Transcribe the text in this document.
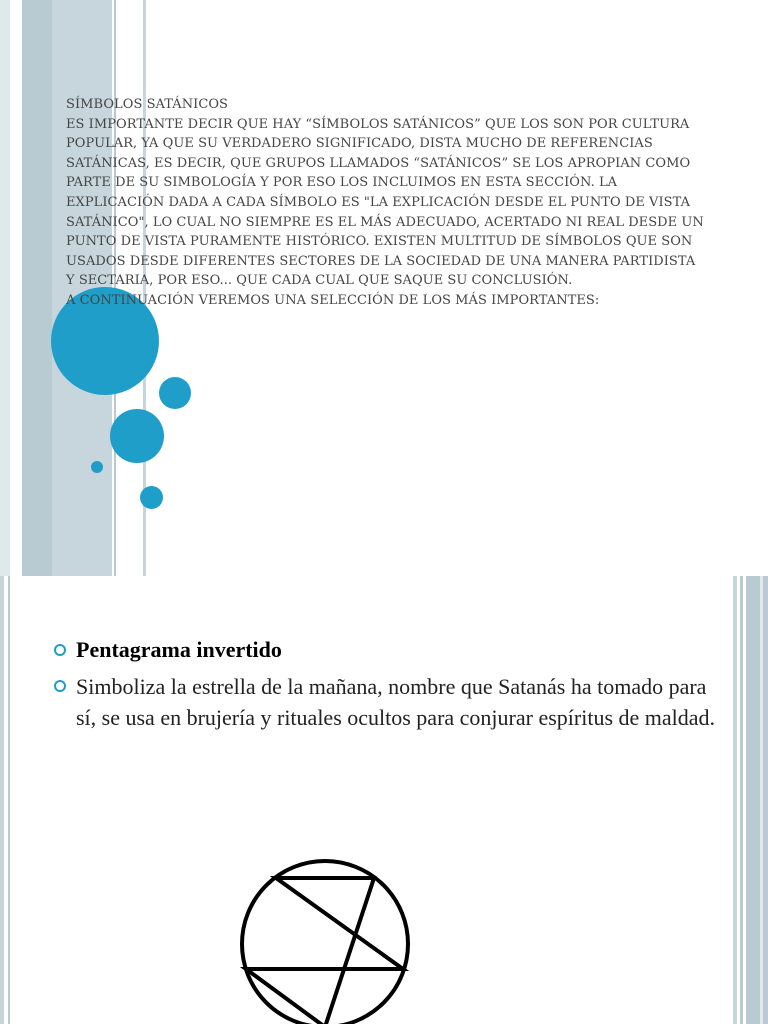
SÍMBOLOS SATÁNICOS

ES IMPORTANTE DECIR QUE HAY “SÍMBOLOS SATÁNICOS” QUE LOS SON POR CULTURA POPULAR, YA QUE SU VERDADERO SIGNIFICADO, DISTA MUCHO DE REFERENCIAS SATÁNICAS, ES DECIR, QUE GRUPOS LLAMADOS “SATÁNICOS” SE LOS APROPIAN COMO PARTE DE SU SIMBOLOGÍA Y POR ESO LOS INCLUIMOS EN ESTA SECCIÓN. LA EXPLICACIÓN DADA A CADA SÍMBOLO ES "LA EXPLICACIÓN DESDE EL PUNTO DE VISTA SATÁNICO", LO CUAL NO SIEMPRE ES EL MÁS ADECUADO, ACERTADO NI REAL DESDE UN PUNTO DE VISTA PURAMENTE HISTÓRICO. EXISTEN MULTITUD DE SÍMBOLOS QUE SON USADOS DESDE DIFERENTES SECTORES DE LA SOCIEDAD DE UNA MANERA PARTIDISTA Y SECTARIA, POR ESO... QUE CADA CUAL QUE SAQUE SU CONCLUSIÓN.

A CONTINUACIÓN VEREMOS UNA SELECCIÓN DE LOS MÁS IMPORTANTES:

Pentagrama invertido
Simboliza la estrella de la mañana, nombre que Satanás ha tomado para sí, se usa en brujería y rituales ocultos para conjurar espíritus de maldad.
